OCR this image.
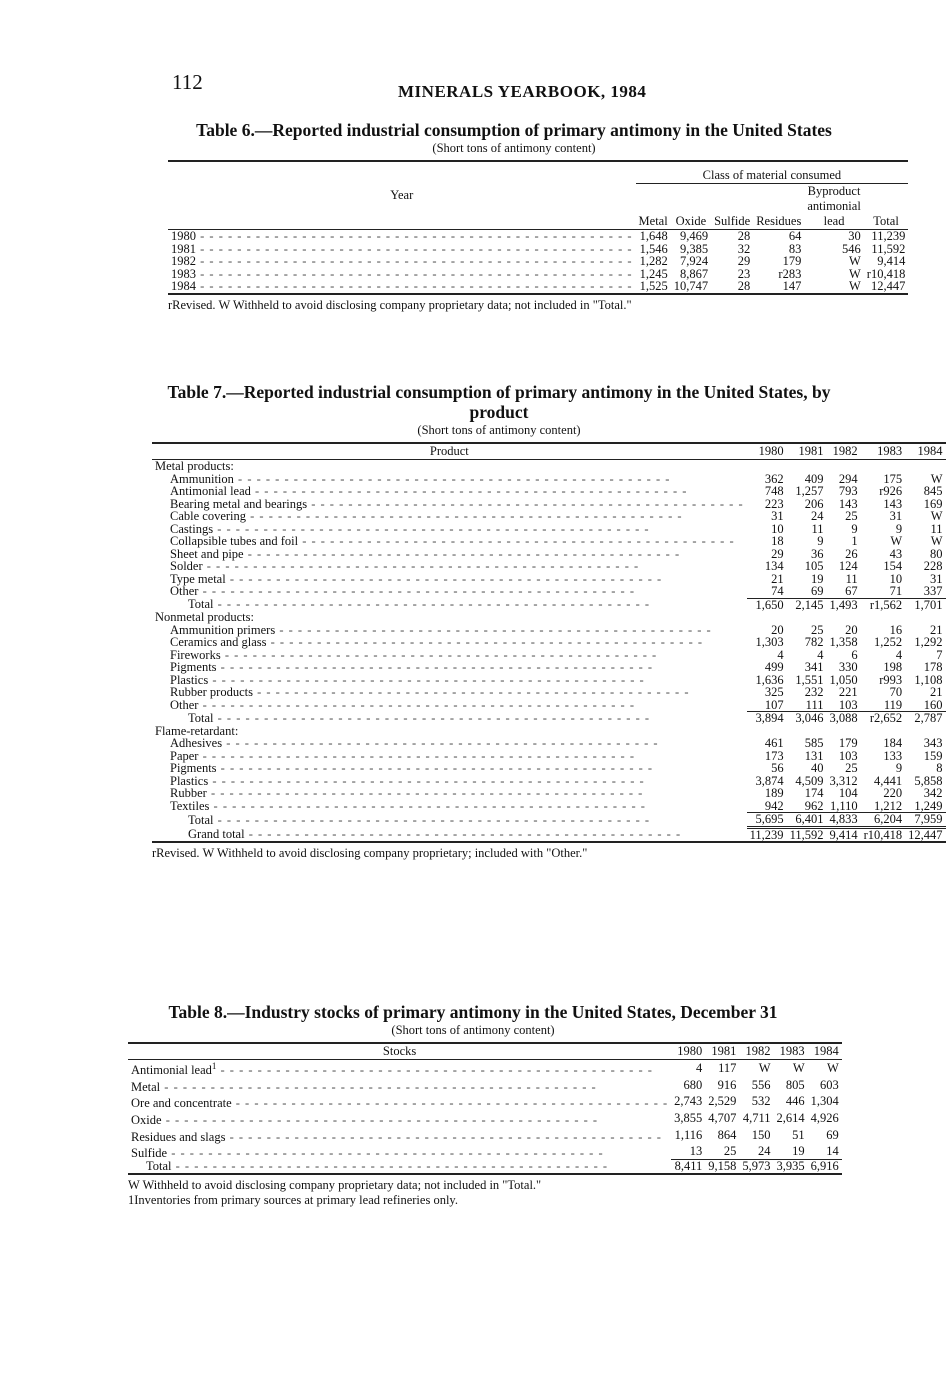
112	MINERALS YEARBOOK, 1984
Table 6.—Reported industrial consumption of primary antimony in the United States
(Short tons of antimony content)
Year	Class of material consumed					
	Metal	Oxide	Sulfide	Residues	Byproduct antimonial lead	Total
1980 - - -	1,648	9,469	28	64	30	11,239
1981 - - -	1,546	9,385	32	83	546	11,592
1982 - - -	1,282	7,924	29	179	W	9,414
1983 - - -	1,245	8,867	23	r283	W	r10,418
1984 - - -	1,525	10,747	28	147	W	12,447
rRevised. W Withheld to avoid disclosing company proprietary data; not included in "Total."
Table 7.—Reported industrial consumption of primary antimony in the United States, by product
(Short tons of antimony content)
Product	1980	1981	1982	1983	1984
Metal products:					
Ammunition - - -	362	409	294	175	W
Antimonial lead - - -	748	1,257	793	r926	845
Bearing metal and bearings - - -	223	206	143	143	169
Cable covering - - -	31	24	25	31	W
Castings - - -	10	11	9	9	11
Collapsible tubes and foil - - -	18	9	1	W	W
Sheet and pipe - - -	29	36	26	43	80
Solder - - -	134	105	124	154	228
Type metal - - -	21	19	11	10	31
Other - - -	74	69	67	71	337
Total - - -	1,650	2,145	1,493	r1,562	1,701
Nonmetal products:					
Ammunition primers - - -	20	25	20	16	21
Ceramics and glass - - -	1,303	782	1,358	1,252	1,292
Fireworks - - -	4	4	6	4	7
Pigments - - -	499	341	330	198	178
Plastics - - -	1,636	1,551	1,050	r993	1,108
Rubber products - - -	325	232	221	70	21
Other - - -	107	111	103	119	160
Total - - -	3,894	3,046	3,088	r2,652	2,787
Flame-retardant:					
Adhesives - - -	461	585	179	184	343
Paper - - -	173	131	103	133	159
Pigments - - -	56	40	25	9	8
Plastics - - -	3,874	4,509	3,312	4,441	5,858
Rubber - - -	189	174	104	220	342
Textiles - - -	942	962	1,110	1,212	1,249
Total - - -	5,695	6,401	4,833	6,204	7,959
Grand total - - -	11,239	11,592	9,414	r10,418	12,447
rRevised. W Withheld to avoid disclosing company proprietary; included with "Other."
Table 8.—Industry stocks of primary antimony in the United States, December 31
(Short tons of antimony content)
Stocks	1980	1981	1982	1983	1984
Antimonial lead$^1$ - - -	4	117	W	W	W
Metal - - -	680	916	556	805	603
Ore and concentrate - - -	2,743	2,529	532	446	1,304
Oxide - - -	3,855	4,707	4,711	2,614	4,926
Residues and slags - - -	1,116	864	150	51	69
Sulfide - - -	13	25	24	19	14
Total - - -	8,411	9,158	5,973	3,935	6,916
W Withheld to avoid disclosing company proprietary data; not included in "Total."
1Inventories from primary sources at primary lead refineries only.
